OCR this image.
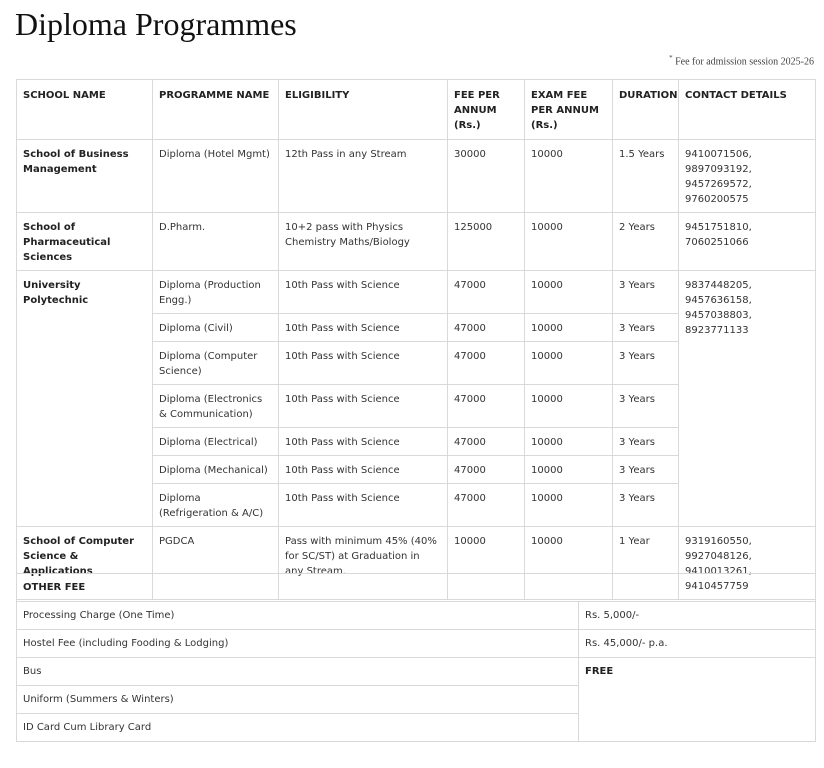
Diploma Programmes
* Fee for admission session 2025-26
SCHOOL NAME	PROGRAMME NAME	ELIGIBILITY	FEE PER ANNUM (Rs.)	EXAM FEE PER ANNUM (Rs.)	DURATION	CONTACT DETAILS
School of Business Management	Diploma (Hotel Mgmt)	12th Pass in any Stream	30000	10000	1.5 Years	9410071506, 9897093192, 9457269572, 9760200575
School of Pharmaceutical Sciences	D.Pharm.	10+2 pass with Physics Chemistry Maths/Biology	125000	10000	2 Years	9451751810, 7060251066
University Polytechnic	Diploma (Production Engg.)	10th Pass with Science	47000	10000	3 Years	9837448205, 9457636158, 9457038803, 8923771133
	Diploma (Civil)	10th Pass with Science	47000	10000	3 Years	
	Diploma (Computer Science)	10th Pass with Science	47000	10000	3 Years	
	Diploma (Electronics & Communication)	10th Pass with Science	47000	10000	3 Years	
	Diploma (Electrical)	10th Pass with Science	47000	10000	3 Years	
	Diploma (Mechanical)	10th Pass with Science	47000	10000	3 Years	
	Diploma (Refrigeration & A/C)	10th Pass with Science	47000	10000	3 Years	
School of Computer Science & Applications	PGDCA	Pass with minimum 45% (40% for SC/ST) at Graduation in any Stream.	10000	10000	1 Year	9319160550, 9927048126, 9410013261, 9410457759
OTHER FEE	
Processing Charge (One Time)	Rs. 5,000/-
Hostel Fee (including Fooding & Lodging)	Rs. 45,000/- p.a.
Bus	FREE
Uniform (Summers & Winters)	
ID Card Cum Library Card	
